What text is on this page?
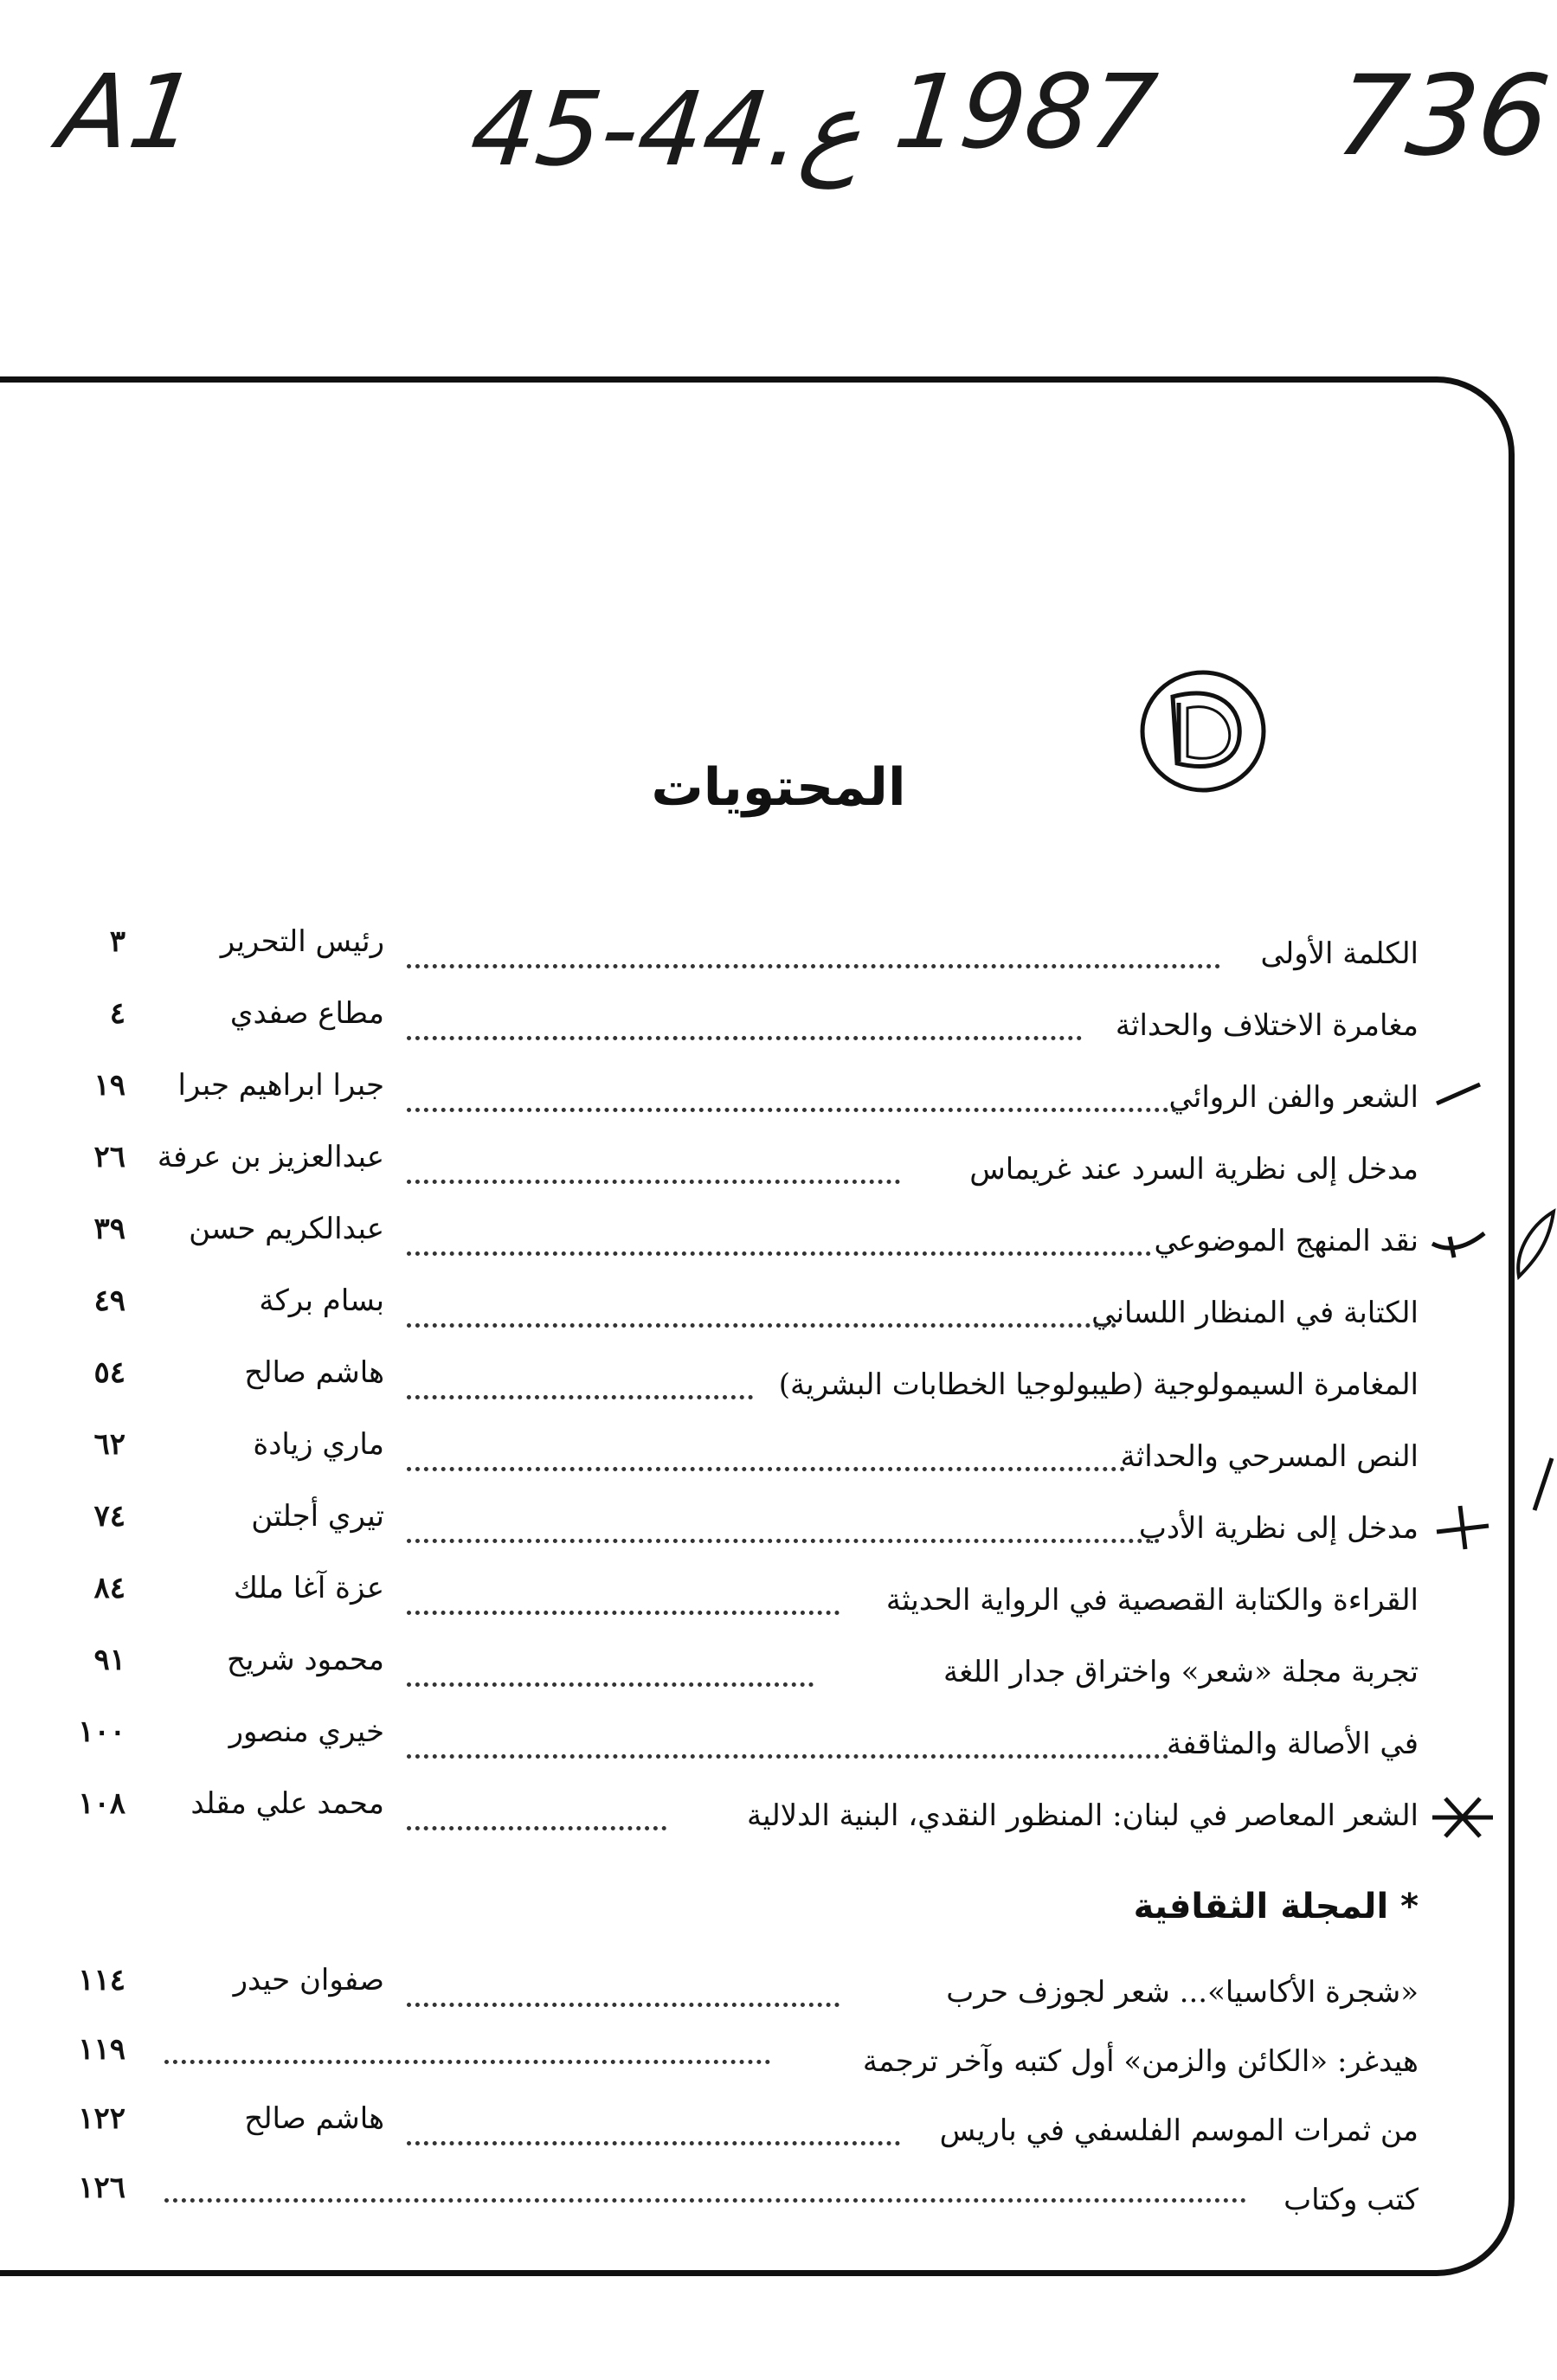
A1	45-44.ع 1987 736
المحتويات
الكلمة الأولى
رئيس التحرير
٣
مغامرة الاختلاف والحداثة
مطاع صفدي
٤
الشعر والفن الروائي
جبرا ابراهيم جبرا
١٩
مدخل إلى نظرية السرد عند غريماس
عبدالعزيز بن عرفة
٢٦
نقد المنهج الموضوعي
عبدالكريم حسن
٣٩
الكتابة في المنظار اللساني
بسام بركة
٤٩
المغامرة السيمولوجية (طيبولوجيا الخطابات البشرية)
هاشم صالح
٥٤
النص المسرحي والحداثة
ماري زيادة
٦٢
مدخل إلى نظرية الأدب
تيري أجلتن
٧٤
القراءة والكتابة القصصية في الرواية الحديثة
عزة آغا ملك
٨٤
تجربة مجلة «شعر» واختراق جدار اللغة
محمود شريح
٩١
في الأصالة والمثاقفة
خيري منصور
١٠٠
الشعر المعاصر في لبنان: المنظور النقدي، البنية الدلالية
محمد علي مقلد
١٠٨
* المجلة الثقافية
«شجرة الأكاسيا»... شعر لجوزف حرب
صفوان حيدر
١١٤
هيدغر: «الكائن والزمن» أول كتبه وآخر ترجمة
١١٩
من ثمرات الموسم الفلسفي في باريس
هاشم صالح
١٢٢
كتب وكتاب
١٢٦
